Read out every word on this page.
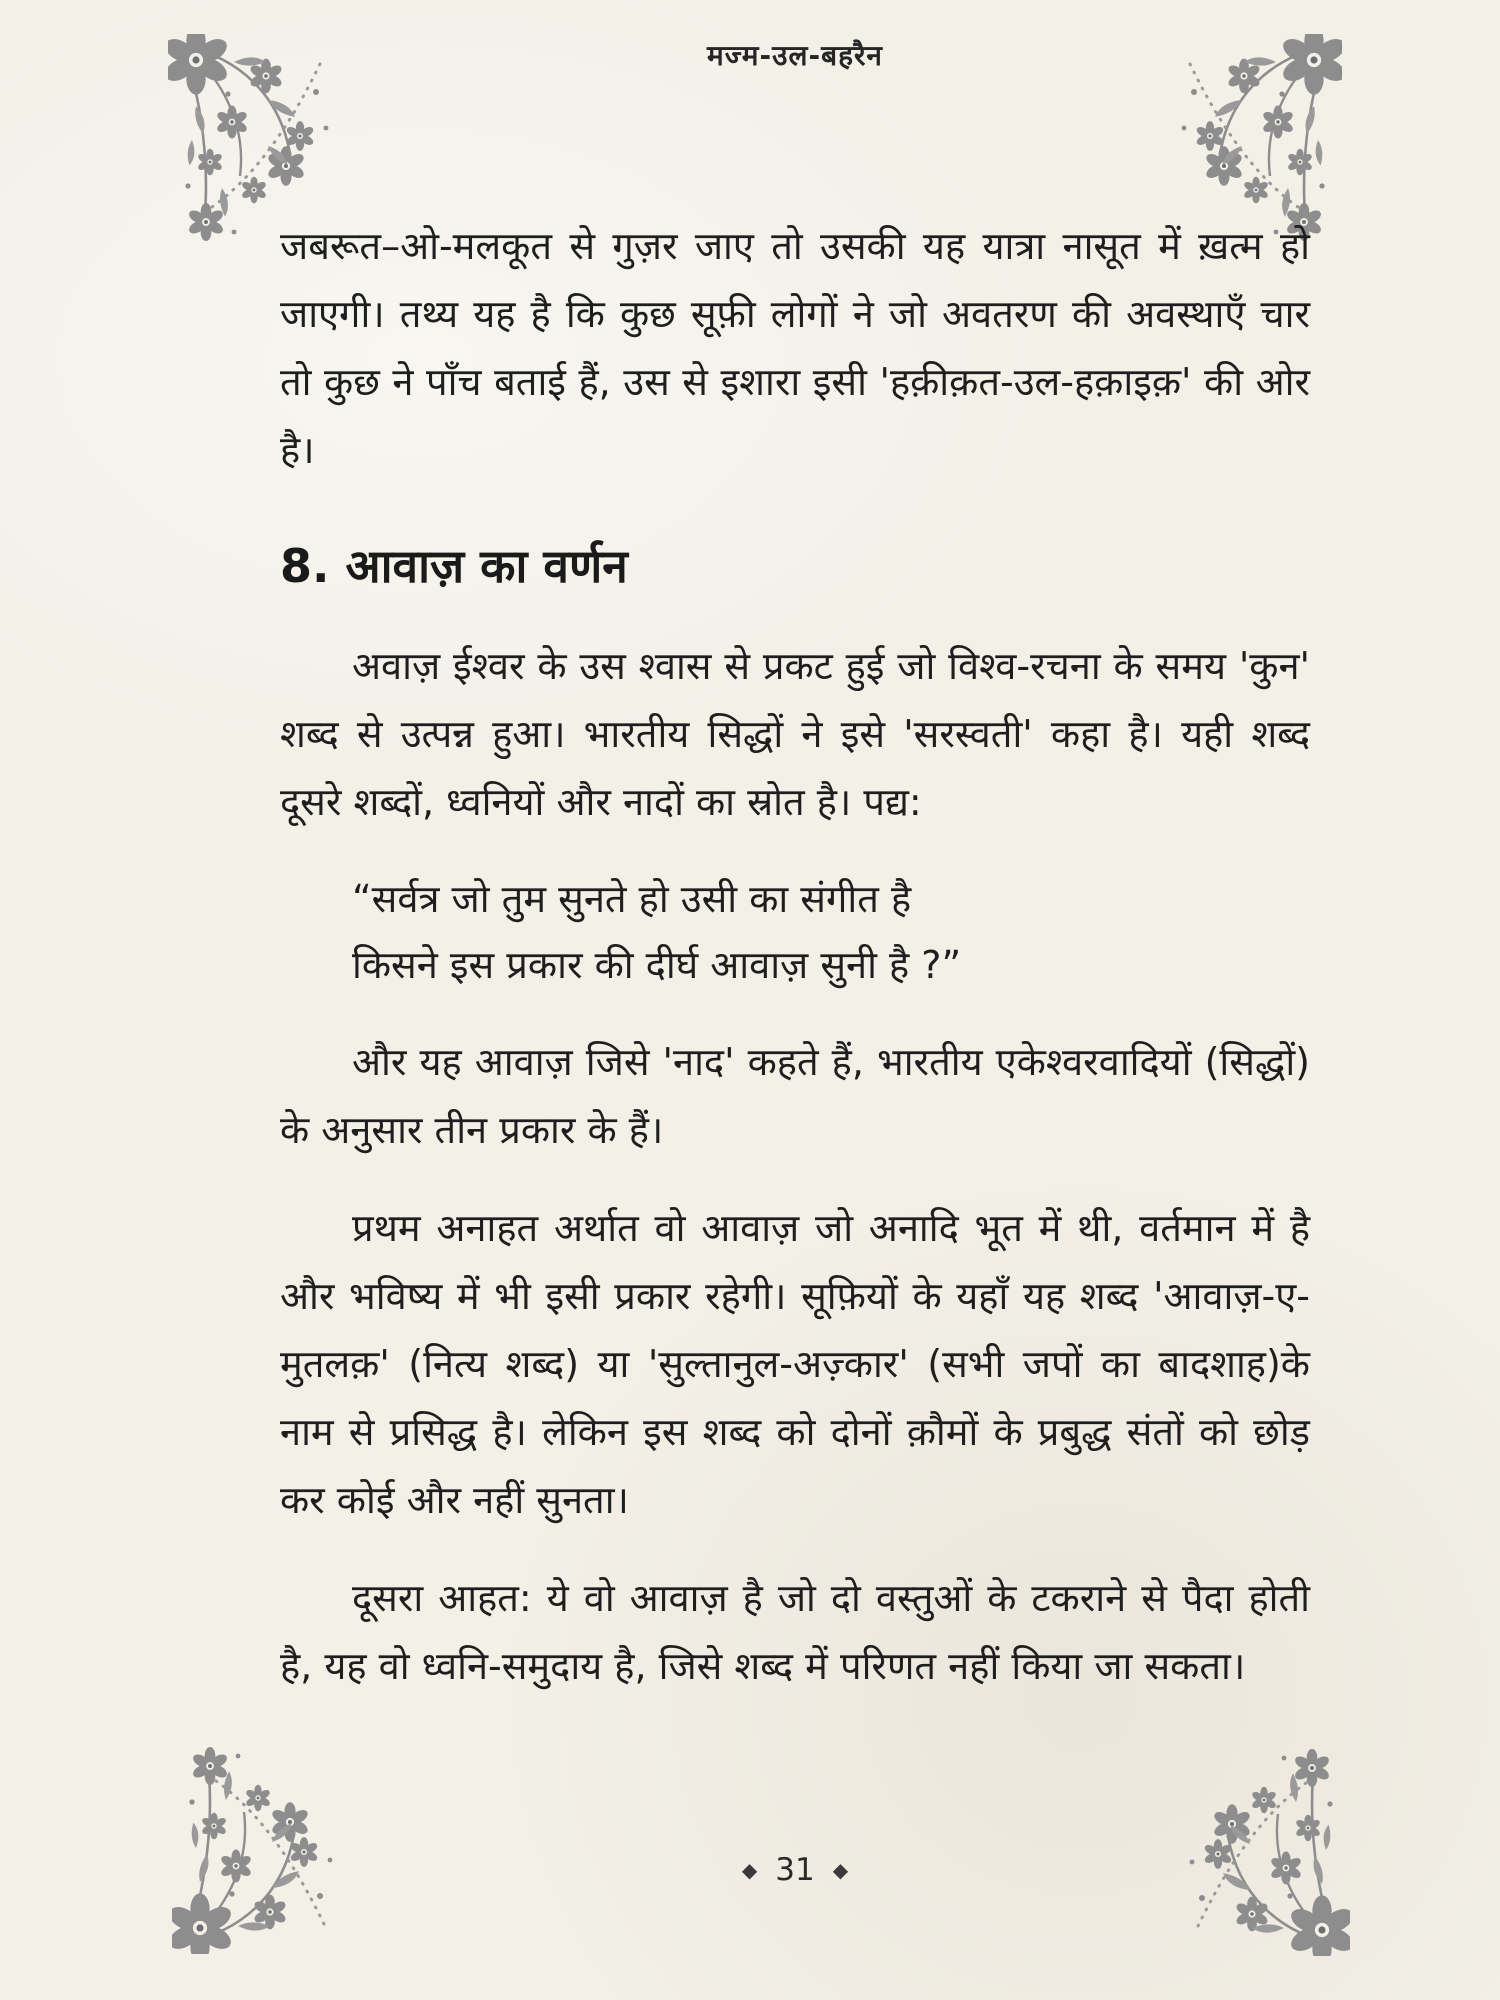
मज्म-उल-बहरैन

जबरूत–ओ-मलकूत से गुज़र जाए तो उसकी यह यात्रा नासूत में ख़त्म हो जाएगी। तथ्य यह है कि कुछ सूफ़ी लोगों ने जो अवतरण की अवस्थाएँ चार तो कुछ ने पाँच बताई हैं, उस से इशारा इसी 'हक़ीक़त-उल-हक़ाइक़' की ओर है।

8. आवाज़ का वर्णन

अवाज़ ईश्वर के उस श्वास से प्रकट हुई जो विश्व-रचना के समय 'कुन' शब्द से उत्पन्न हुआ। भारतीय सिद्धों ने इसे 'सरस्वती' कहा है। यही शब्द दूसरे शब्दों, ध्वनियों और नादों का स्रोत है। पद्य:

“सर्वत्र जो तुम सुनते हो उसी का संगीत है
किसने इस प्रकार की दीर्घ आवाज़ सुनी है ?”

और यह आवाज़ जिसे 'नाद' कहते हैं, भारतीय एकेश्वरवादियों (सिद्धों) के अनुसार तीन प्रकार के हैं।

प्रथम अनाहत अर्थात वो आवाज़ जो अनादि भूत में थी, वर्तमान में है और भविष्य में भी इसी प्रकार रहेगी। सूफ़ियों के यहाँ यह शब्द 'आवाज़-ए-मुतलक़' (नित्य शब्द) या 'सुल्तानुल-अज़्कार' (सभी जपों का बादशाह)के नाम से प्रसिद्ध है। लेकिन इस शब्द को दोनों क़ौमों के प्रबुद्ध संतों को छोड़ कर कोई और नहीं सुनता।

दूसरा आहत: ये वो आवाज़ है जो दो वस्तुओं के टकराने से पैदा होती है, यह वो ध्वनि-समुदाय है, जिसे शब्द में परिणत नहीं किया जा सकता।

◆ 31 ◆
